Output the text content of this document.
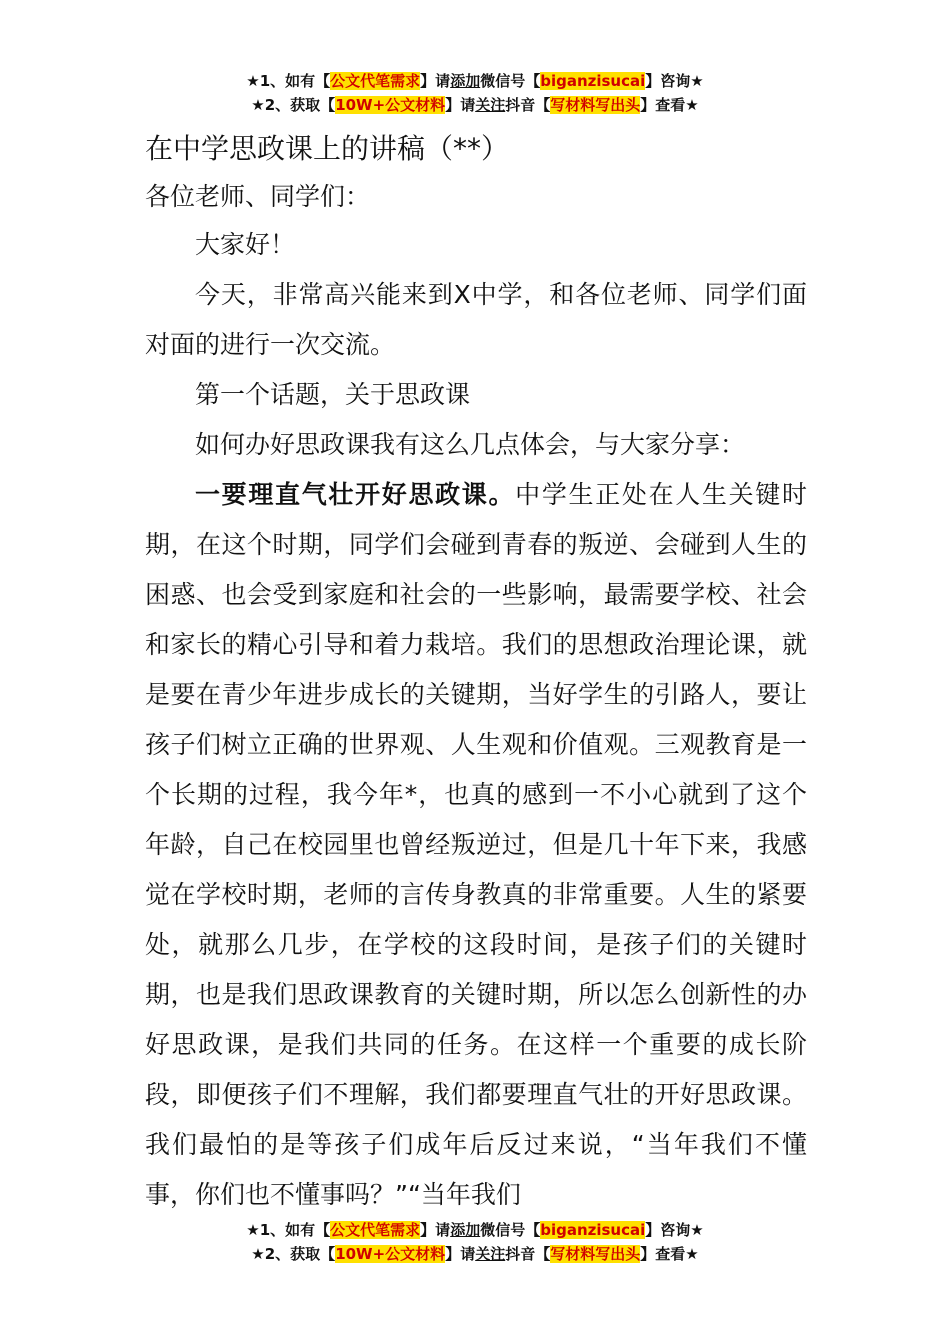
★1、如有【公文代笔需求】请添加微信号【biganzisucai】咨询★
★2、获取【10W+公文材料】请关注抖音【写材料写出头】查看★
在中学思政课上的讲稿（**）
各位老师、同学们：

大家好！

今天，非常高兴能来到X中学，和各位老师、同学们面对面的进行一次交流。

第一个话题，关于思政课

如何办好思政课我有这么几点体会，与大家分享：

一要理直气壮开好思政课。中学生正处在人生关键时期，在这个时期，同学们会碰到青春的叛逆、会碰到人生的困惑、也会受到家庭和社会的一些影响，最需要学校、社会和家长的精心引导和着力栽培。我们的思想政治理论课，就是要在青少年进步成长的关键期，当好学生的引路人，要让孩子们树立正确的世界观、人生观和价值观。三观教育是一个长期的过程，我今年*，也真的感到一不小心就到了这个年龄，自己在校园里也曾经叛逆过，但是几十年下来，我感觉在学校时期，老师的言传身教真的非常重要。人生的紧要处，就那么几步，在学校的这段时间，是孩子们的关键时期，也是我们思政课教育的关键时期，所以怎么创新性的办好思政课，是我们共同的任务。在这样一个重要的成长阶段，即便孩子们不理解，我们都要理直气壮的开好思政课。我们最怕的是等孩子们成年后反过来说，“当年我们不懂事，你们也不懂事吗？”“当年我们

★1、如有【公文代笔需求】请添加微信号【biganzisucai】咨询★
★2、获取【10W+公文材料】请关注抖音【写材料写出头】查看★
